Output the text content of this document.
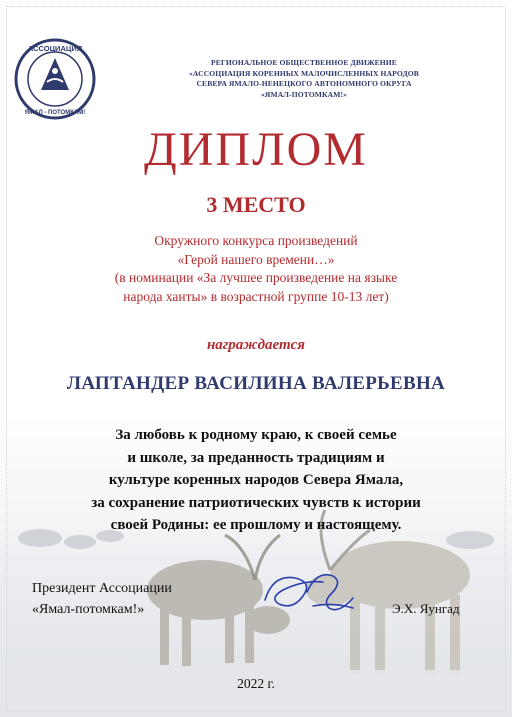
АССОЦИАЦИЯ
ЯМАЛ - ПОТОМКАМ!
РЕГИОНАЛЬНОЕ ОБЩЕСТВЕННОЕ ДВИЖЕНИЕ
«АССОЦИАЦИЯ КОРЕННЫХ МАЛОЧИСЛЕННЫХ НАРОДОВ
СЕВЕРА ЯМАЛО-НЕНЕЦКОГО АВТОНОМНОГО ОКРУГА
«ЯМАЛ-ПОТОМКАМ!»
ДИПЛОМ
3 МЕСТО
Окружного конкурса произведений
«Герой нашего времени…»
(в номинации «За лучшее произведение на языке
народа ханты» в возрастной группе 10-13 лет)
награждается
ЛАПТАНДЕР ВАСИЛИНА ВАЛЕРЬЕВНА
За любовь к родному краю, к своей семье
и школе, за преданность традициям и
культуре коренных народов Севера Ямала,
за сохранение патриотических чувств к истории
своей Родины: ее прошлому и настоящему.
Президент Ассоциации
«Ямал-потомкам!»	Э.Х. Яунгад
2022 г.
